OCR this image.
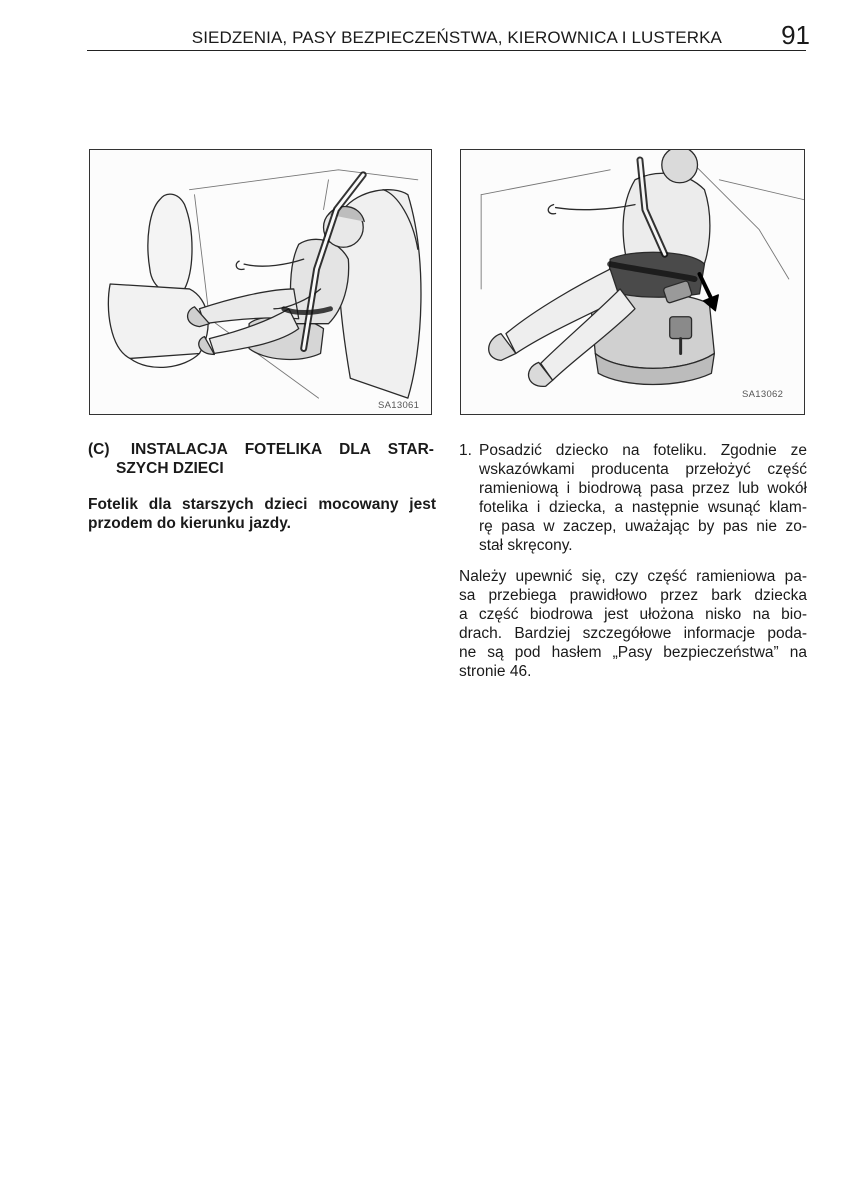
SIEDZENIA, PASY BEZPIECZEŃSTWA, KIEROWNICA I LUSTERKA	91
SA13061
SA13062
(C) INSTALACJA FOTELIKA DLA STAR-
SZYCH DZIECI
Fotelik dla starszych dzieci mocowany jest
przodem do kierunku jazdy.
1. Posadzić dziecko na foteliku. Zgodnie ze
wskazówkami producenta przełożyć część
ramieniową i biodrową pasa przez lub wokół
fotelika i dziecka, a następnie wsunąć klam-
rę pasa w zaczep, uważając by pas nie zo-
stał skręcony.
Należy upewnić się, czy część ramieniowa pa-
sa przebiega prawidłowo przez bark dziecka
a część biodrowa jest ułożona nisko na bio-
drach. Bardziej szczegółowe informacje poda-
ne są pod hasłem „Pasy bezpieczeństwa” na
stronie 46.
